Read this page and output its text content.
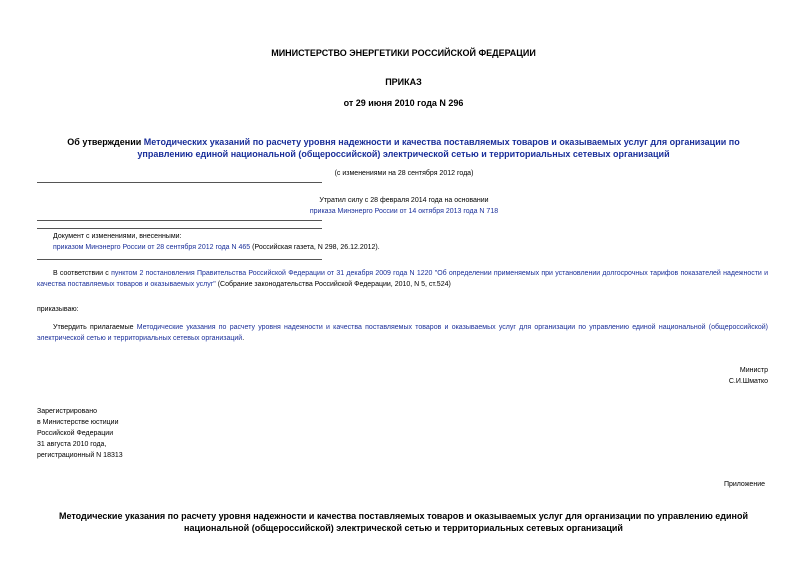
МИНИСТЕРСТВО ЭНЕРГЕТИКИ РОССИЙСКОЙ ФЕДЕРАЦИИ
ПРИКАЗ
от 29 июня 2010 года N 296
Об утверждении Методических указаний по расчету уровня надежности и качества поставляемых товаров и оказываемых услуг для организации по управлению единой национальной (общероссийской) электрической сетью и территориальных сетевых организаций
(с изменениями на 28 сентября 2012 года)
Утратил силу с 28 февраля 2014 года на основании
приказа Минэнерго России от 14 октября 2013 года N 718
Документ с изменениями, внесенными:
приказом Минэнерго России от 28 сентября 2012 года N 465 (Российская газета, N 298, 26.12.2012).
В соответствии с пунктом 2 постановления Правительства Российской Федерации от 31 декабря 2009 года N 1220 "Об определении применяемых при установлении долгосрочных тарифов показателей надежности и качества поставляемых товаров и оказываемых услуг" (Собрание законодательства Российской Федерации, 2010, N 5, ст.524)
приказываю:
Утвердить прилагаемые Методические указания по расчету уровня надежности и качества поставляемых товаров и оказываемых услуг для организации по управлению единой национальной (общероссийской) электрической сетью и территориальных сетевых организаций.
Министр
С.И.Шматко
Зарегистрировано
в Министерстве юстиции
Российской Федерации
31 августа 2010 года,
регистрационный N 18313
Приложение
Методические указания по расчету уровня надежности и качества поставляемых товаров и оказываемых услуг для организации по управлению единой национальной (общероссийской) электрической сетью и территориальных сетевых организаций
